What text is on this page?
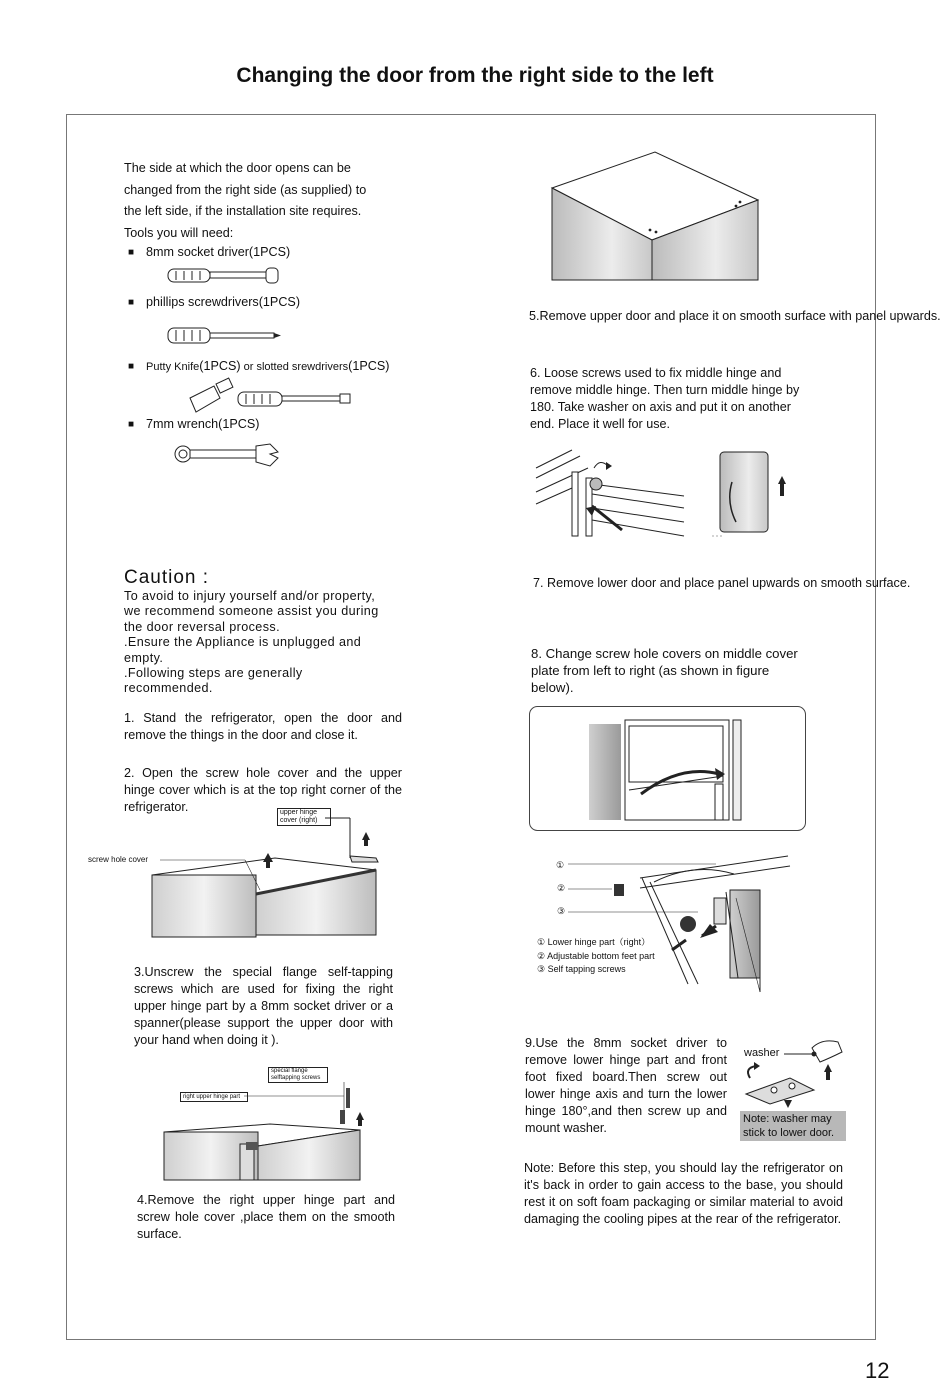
Changing the door from the right side to the left
The side at which the door opens can be
changed from the right side (as supplied) to
the left side, if the installation site requires.
Tools you will need:
■ 8mm socket driver(1PCS)
■ phillips screwdrivers(1PCS)
■ Putty Knife(1PCS) or slotted srewdrivers(1PCS)
■ 7mm wrench(1PCS)
Caution :
To avoid to injury yourself and/or property,
we recommend someone assist you during
the door reversal process.
.Ensure the Appliance is unplugged and
empty.
.Following steps are generally
recommended.
1. Stand the refrigerator, open the door and remove the things in the door and close it.
2. Open the screw hole cover and the upper hinge cover which is at the top right corner of the refrigerator.	upper hinge cover (right)
screw hole cover
3.Unscrew the special flange self-tapping screws which are used for fixing the right upper hinge part by a 8mm socket driver or a spanner(please support the upper door with your hand when doing it ).
special flange selftapping screws
right upper hinge part
4.Remove the right upper hinge part and screw hole cover ,place them on the smooth surface.
5.Remove upper door and place it on smooth surface with panel upwards.
6. Loose screws used to fix middle hinge and remove middle hinge. Then turn middle hinge by 180. Take washer on axis and put it on another end. Place it well for use.
7. Remove lower door and place panel upwards on smooth surface.
8. Change screw hole covers on middle cover plate from left to right (as shown in figure below).
①
②
③
① Lower hinge part（right）
② Adjustable bottom feet part
③ Self tapping screws
9.Use the 8mm socket driver to remove lower hinge part and front foot fixed board.Then screw out lower hinge axis and turn the lower hinge 180°,and then screw up and mount washer.
washer
Note: washer may stick to lower door.
Note: Before this step, you should lay the refrigerator on it's back in order to gain access to the base, you should rest it on soft foam packaging or similar material to avoid damaging the cooling pipes at the rear of the refrigerator.
12
